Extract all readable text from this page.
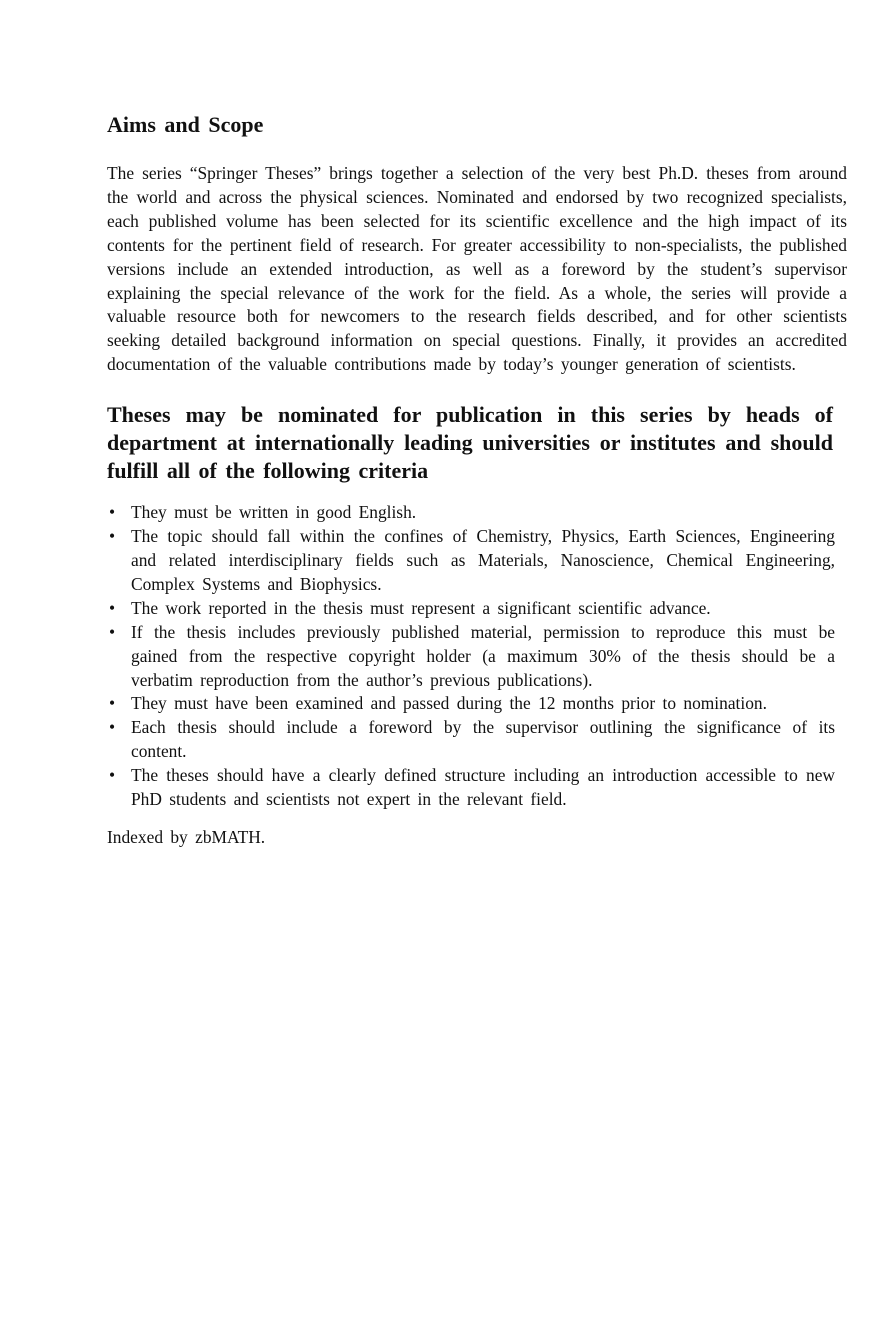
Aims and Scope

The series “Springer Theses” brings together a selection of the very best Ph.D. theses from around the world and across the physical sciences. Nominated and endorsed by two recognized specialists, each published volume has been selected for its scientific excellence and the high impact of its contents for the pertinent field of research. For greater accessibility to non-specialists, the published versions include an extended introduction, as well as a foreword by the student’s supervisor explaining the special relevance of the work for the field. As a whole, the series will provide a valuable resource both for newcomers to the research fields described, and for other scientists seeking detailed background information on special questions. Finally, it provides an accredited documentation of the valuable contributions made by today’s younger generation of scientists.

Theses may be nominated for publication in this series by heads of department at internationally leading universities or institutes and should fulfill all of the following criteria
• They must be written in good English.
• The topic should fall within the confines of Chemistry, Physics, Earth Sciences, Engineering and related interdisciplinary fields such as Materials, Nanoscience, Chemical Engineering, Complex Systems and Biophysics.
• The work reported in the thesis must represent a significant scientific advance.
• If the thesis includes previously published material, permission to reproduce this must be gained from the respective copyright holder (a maximum 30% of the thesis should be a verbatim reproduction from the author’s previous publications).
• They must have been examined and passed during the 12 months prior to nomination.
• Each thesis should include a foreword by the supervisor outlining the significance of its content.
• The theses should have a clearly defined structure including an introduction accessible to new PhD students and scientists not expert in the relevant field.

Indexed by zbMATH.
